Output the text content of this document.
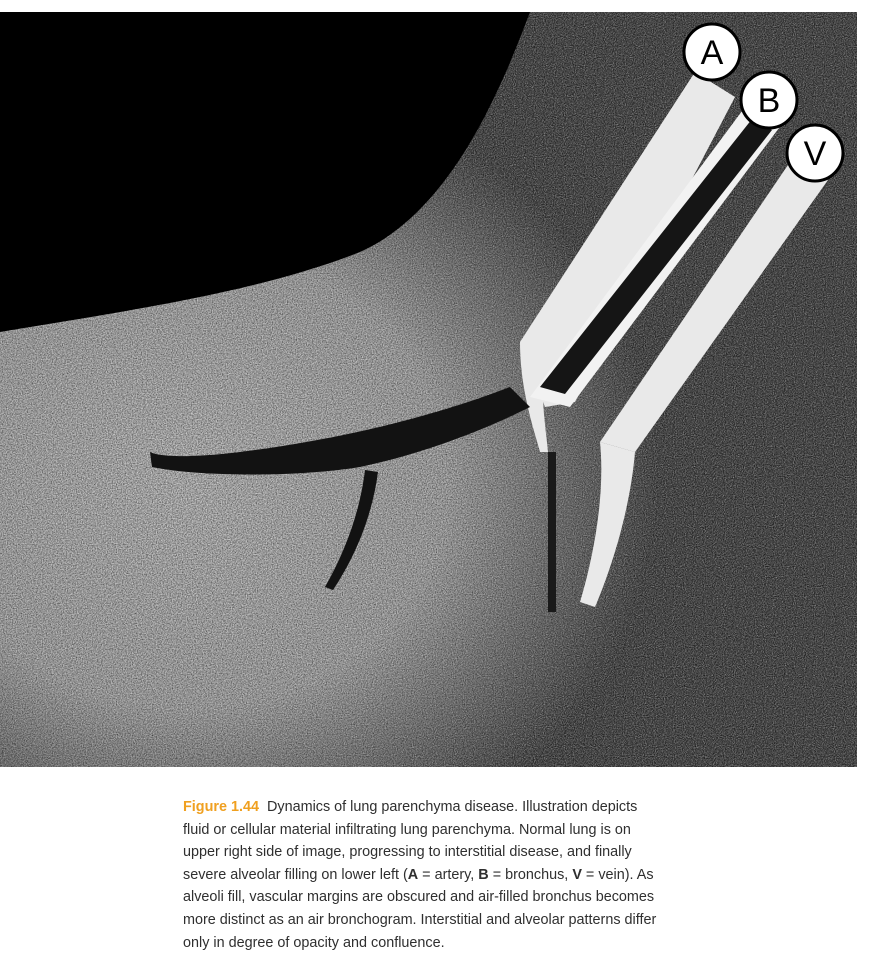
A
B
V
Figure 1.44 Dynamics of lung parenchyma disease. Illustration depicts fluid or cellular material infiltrating lung parenchyma. Normal lung is on upper right side of image, progressing to interstitial disease, and finally severe alveolar filling on lower left (A = artery, B = bronchus, V = vein). As alveoli fill, vascular margins are obscured and air-filled bronchus becomes more distinct as an air bronchogram. Interstitial and alveolar patterns differ only in degree of opacity and confluence.
